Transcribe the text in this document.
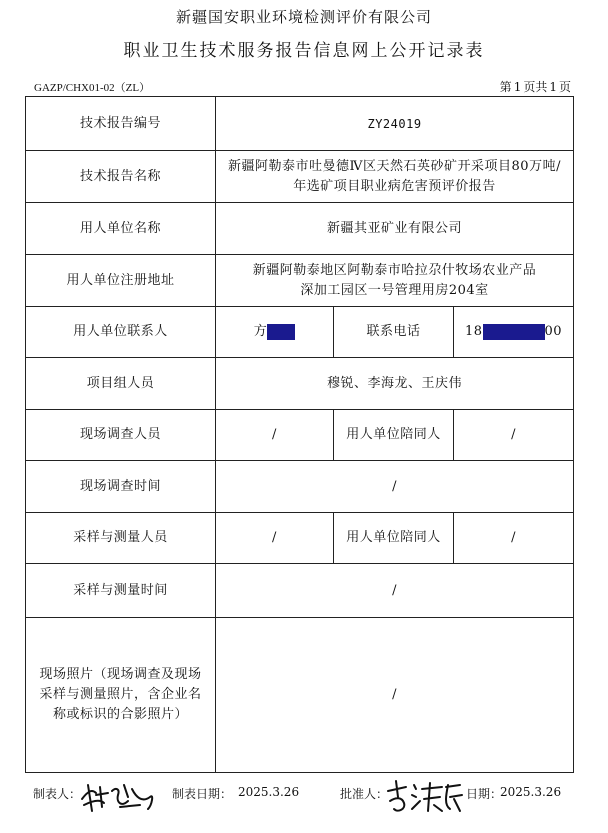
新疆国安职业环境检测评价有限公司
职业卫生技术服务报告信息网上公开记录表
GAZP/CHX01-02（ZL）	第 1 页共 1 页
技术报告编号	ZY24019		
技术报告名称	新疆阿勒泰市吐曼德Ⅳ区天然石英砂矿开采项目80万吨/
年选矿项目职业病危害预评价报告		

用人单位名称	新疆其亚矿业有限公司		
用人单位注册地址	新疆阿勒泰地区阿勒泰市哈拉尕什牧场农业产品
深加工园区一号管理用房204室		

用人单位联系人	方	联系电话	18 00
项目组人员	穆锐、李海龙、王庆伟		
现场调查人员	/	用人单位陪同人	/
现场调查时间	/		
采样与测量人员	/	用人单位陪同人	/
采样与测量时间	/		

现场照片（现场调查及现场
采样与测量照片，含企业名
称或标识的合影照片）	/		
制表人：	制表日期： 2025.3.26	批准人：	日期：
2025.3.26
